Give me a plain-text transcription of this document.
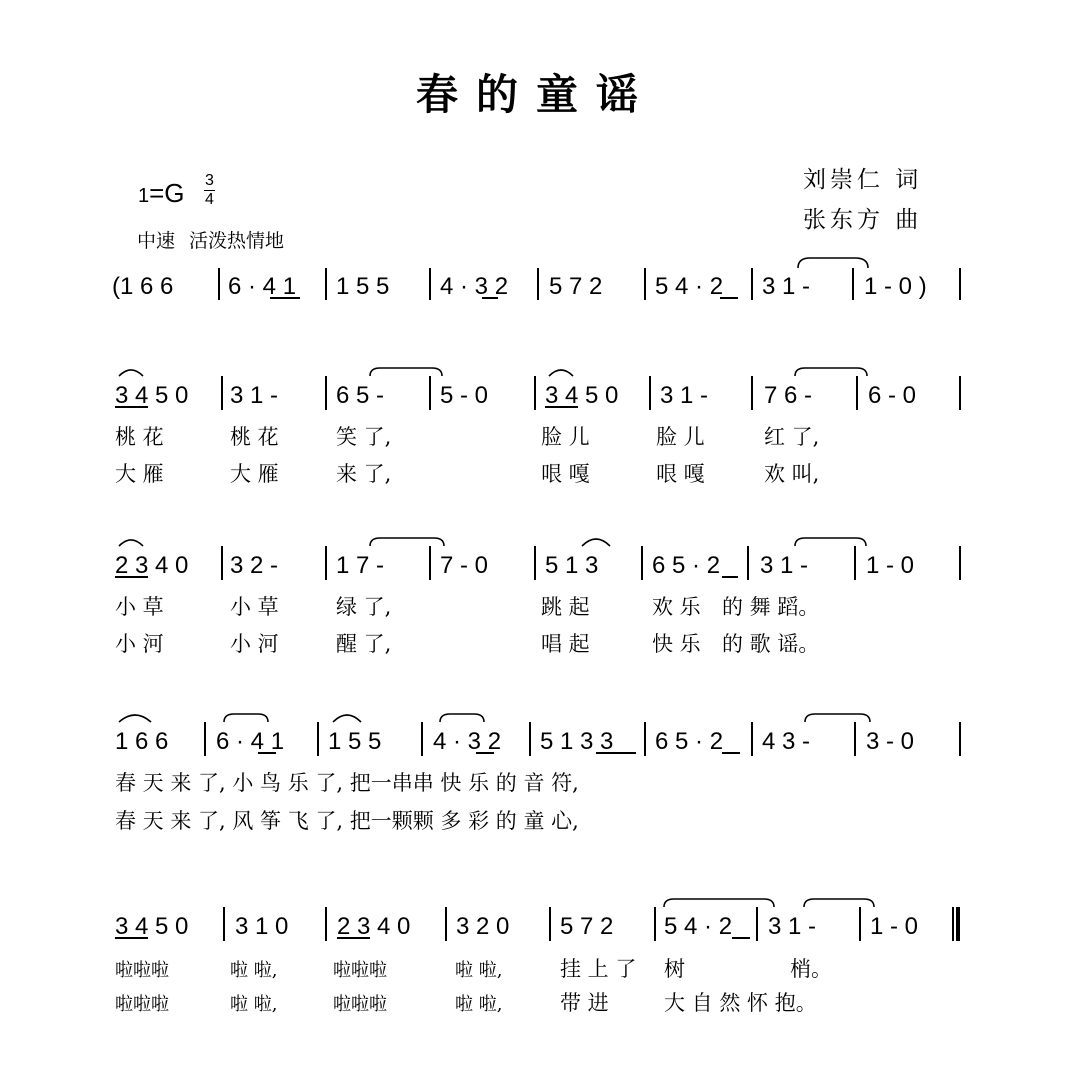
春的童谣
$1=G \frac{3}{4}$
中速 活泼热情地
刘崇仁 词
张东方 曲
(1 6 6 6 · 4 1 1 5 5 4 · 3 2 5 7 2 5 4 · 2 3 1 - 1 - 0 )
3 4 5 0 3 1 - 6 5 - 5 - 0 3 4 5 0 3 1 - 7 6 - 6 - 0
桃 花	桃 花	笑 了,	脸 儿	脸 儿	红 了,
大 雁	大 雁	来 了,	哏 嘎	哏 嘎	欢 叫,
2 3 4 0 3 2 - 1 7 - 7 - 0 5 1 3 6 5 · 2 3 1 - 1 - 0
小 草	小 草	绿 了,	跳 起	欢 乐 的 舞 蹈。
小 河	小 河	醒 了,	唱 起	快 乐 的 歌 谣。
1 6 6 6 · 4 1 1 5 5 4 · 3 2 5 1 3 3 6 5 · 2 4 3 - 3 - 0
春 天 来 了, 小 鸟 乐 了, 把一串串 快 乐 的 音 符,
春 天 来 了, 风 筝 飞 了, 把一颗颗 多 彩 的 童 心,
3 4 5 0 3 1 0 2 3 4 0 3 2 0 5 7 2 5 4 · 2 3 1 - 1 - 0
啦啦啦	啦 啦,	啦啦啦	啦 啦,	挂 上 了 树	梢。
啦啦啦	啦 啦,	啦啦啦	啦 啦,	带 进	大 自 然 怀 抱。
